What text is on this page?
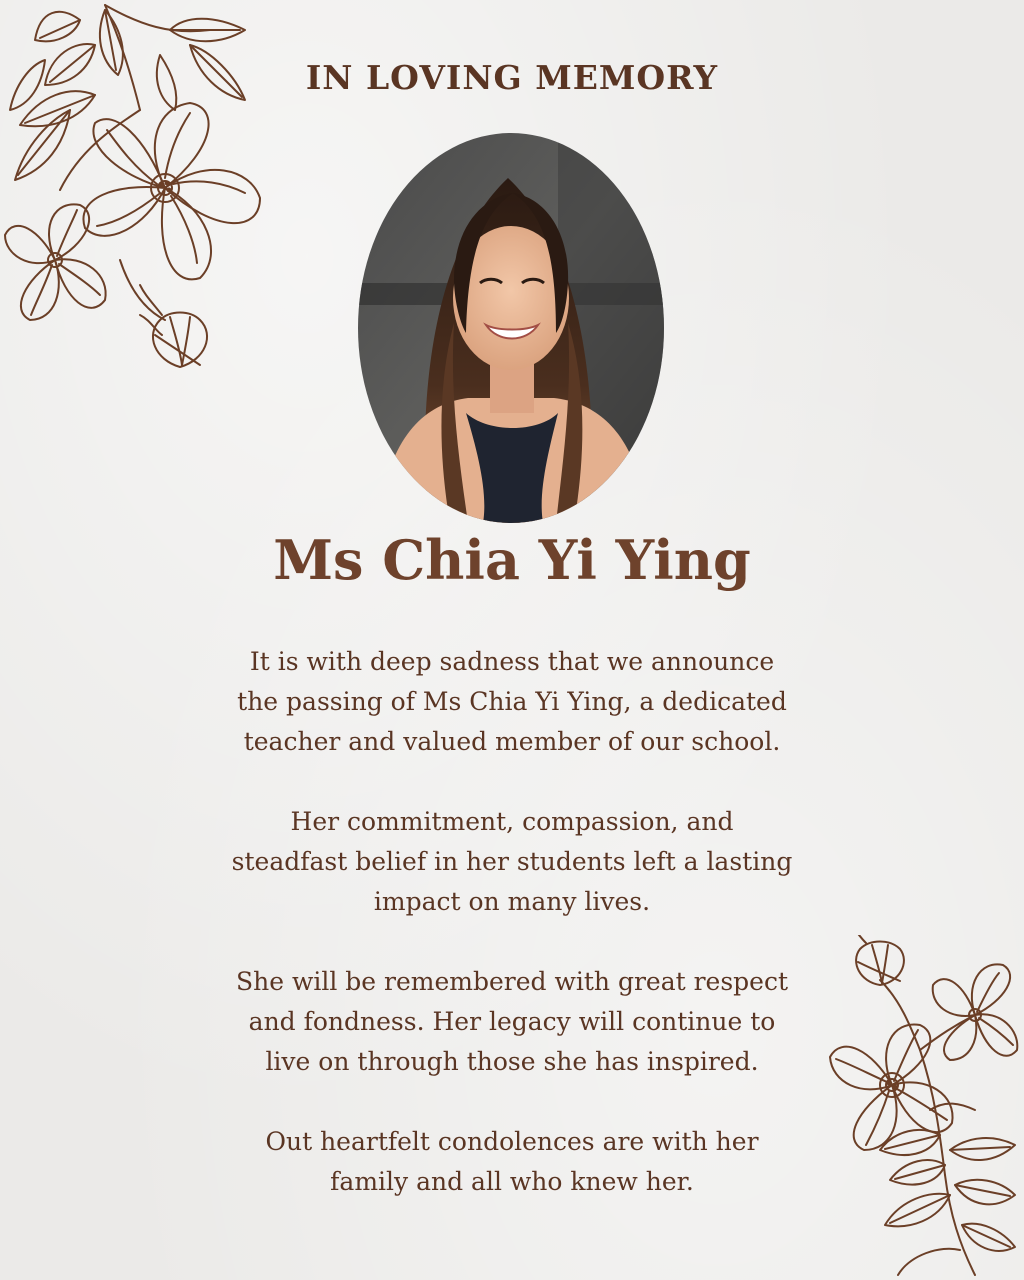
IN LOVING MEMORY
Ms Chia Yi Ying

It is with deep sadness that we announce
the passing of Ms Chia Yi Ying, a dedicated
teacher and valued member of our school.

Her commitment, compassion, and
steadfast belief in her students left a lasting
impact on many lives.

She will be remembered with great respect
and fondness. Her legacy will continue to
live on through those she has inspired.

Out heartfelt condolences are with her
family and all who knew her.
